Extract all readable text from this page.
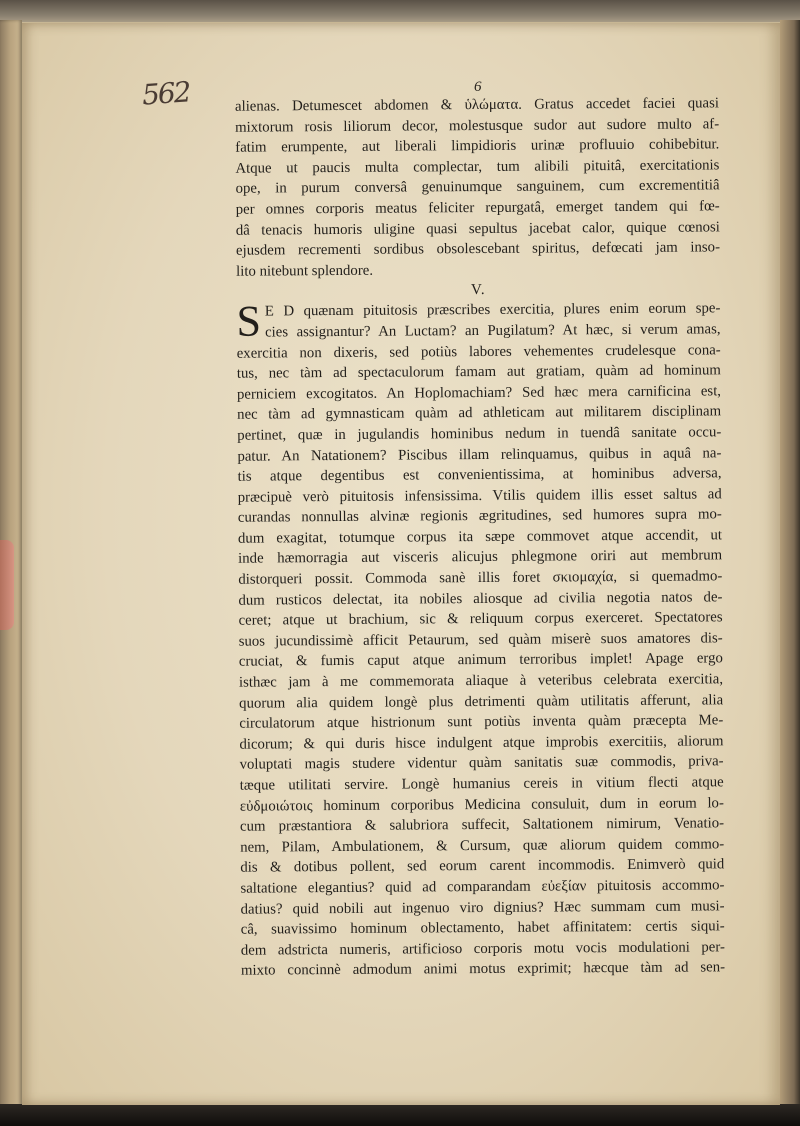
562	6
alienas. Detumescet abdomen & ὑλώματα. Gratus accedet faciei quasi
mixtorum rosis liliorum decor, molestusque sudor aut sudore multo af-
fatim erumpente, aut liberali limpidioris urinæ profluuio cohibebitur.
Atque ut paucis multa complectar, tum alibili pituitâ, exercitationis
ope, in purum conversâ genuinumque sanguinem, cum excrementitiâ
per omnes corporis meatus feliciter repurgatâ, emerget tandem qui fœ-
dâ tenacis humoris uligine quasi sepultus jacebat calor, quique cœnosi
ejusdem recrementi sordibus obsolescebant spiritus, defœcati jam inso-
lito nitebunt splendore.
V.
S E D quænam pituitosis præscribes exercitia, plures enim eorum spe-
cies assignantur? An Luctam? an Pugilatum? At hæc, si verum amas,
exercitia non dixeris, sed potiùs labores vehementes crudelesque cona-
tus, nec tàm ad spectaculorum famam aut gratiam, quàm ad hominum
perniciem excogitatos. An Hoplomachiam? Sed hæc mera carnificina est,
nec tàm ad gymnasticam quàm ad athleticam aut militarem disciplinam
pertinet, quæ in jugulandis hominibus nedum in tuendâ sanitate occu-
patur. An Natationem? Piscibus illam relinquamus, quibus in aquâ na-
tis atque degentibus est convenientissima, at hominibus adversa,
præcipuè verò pituitosis infensissima. Vtilis quidem illis esset saltus ad
curandas nonnullas alvinæ regionis ægritudines, sed humores supra mo-
dum exagitat, totumque corpus ita sæpe commovet atque accendit, ut
inde hæmorragia aut visceris alicujus phlegmone oriri aut membrum
distorqueri possit. Commoda sanè illis foret σκιομαχία, si quemadmo-
dum rusticos delectat, ita nobiles aliosque ad civilia negotia natos de-
ceret; atque ut brachium, sic & reliquum corpus exerceret. Spectatores
suos jucundissimè afficit Petaurum, sed quàm miserè suos amatores dis-
cruciat, & fumis caput atque animum terroribus implet! Apage ergo
isthæc jam à me commemorata aliaque à veteribus celebrata exercitia,
quorum alia quidem longè plus detrimenti quàm utilitatis afferunt, alia
circulatorum atque histrionum sunt potiùs inventa quàm præcepta Me-
dicorum; & qui duris hisce indulgent atque improbis exercitiis, aliorum
voluptati magis studere videntur quàm sanitatis suæ commodis, priva-
tæque utilitati servire. Longè humanius cereis in vitium flecti atque
εὐδμοιώτοις hominum corporibus Medicina consuluit, dum in eorum lo-
cum præstantiora & salubriora suffecit, Saltationem nimirum, Venatio-
nem, Pilam, Ambulationem, & Cursum, quæ aliorum quidem commo-
dis & dotibus pollent, sed eorum carent incommodis. Enimverò quid
saltatione elegantius? quid ad comparandam εὐεξίαν pituitosis accommo-
datius? quid nobili aut ingenuo viro dignius? Hæc summam cum musi-
câ, suavissimo hominum oblectamento, habet affinitatem: certis siqui-
dem adstricta numeris, artificioso corporis motu vocis modulationi per-
mixto concinnè admodum animi motus exprimit; hæcque tàm ad sen-
